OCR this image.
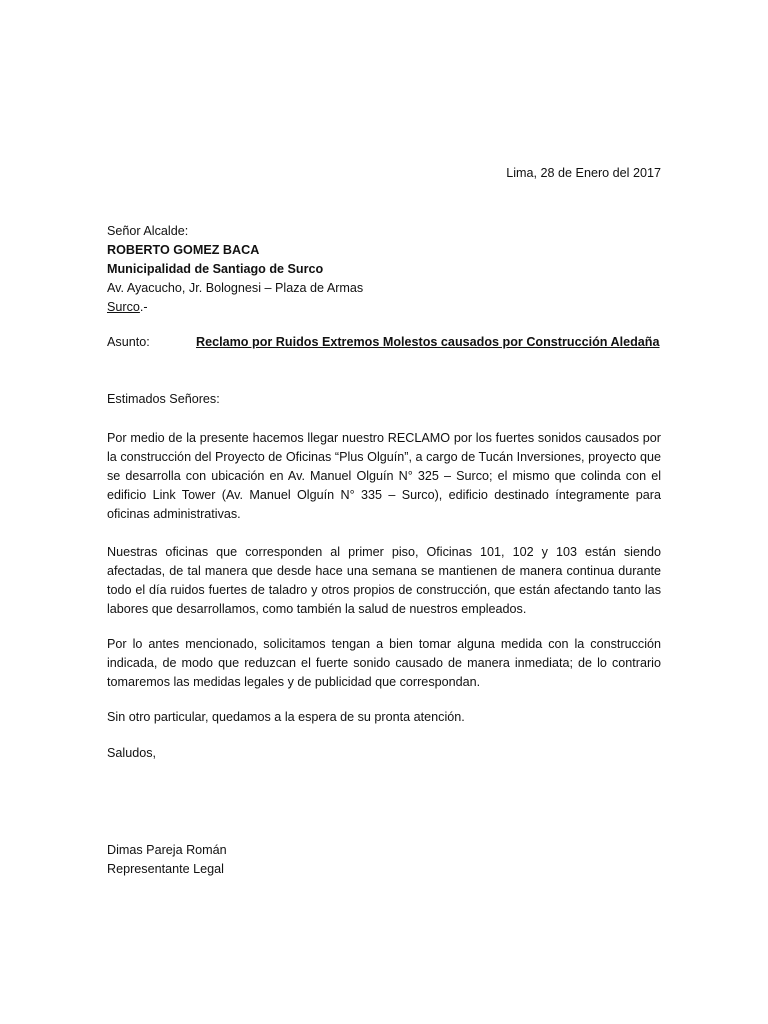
Lima, 28 de Enero del 2017
Señor Alcalde:
ROBERTO GOMEZ BACA
Municipalidad de Santiago de Surco
Av. Ayacucho, Jr. Bolognesi – Plaza de Armas
Surco.-
Asunto:	Reclamo por Ruidos Extremos Molestos causados por Construcción Aledaña
Estimados Señores:
Por medio de la presente hacemos llegar nuestro RECLAMO por los fuertes sonidos causados por la construcción del Proyecto de Oficinas “Plus Olguín”, a cargo de Tucán Inversiones, proyecto que se desarrolla con ubicación en Av. Manuel Olguín N° 325 – Surco; el mismo que colinda con el edificio Link Tower (Av. Manuel Olguín N° 335 – Surco), edificio destinado íntegramente para oficinas administrativas.
Nuestras oficinas que corresponden al primer piso, Oficinas 101, 102 y 103 están siendo afectadas, de tal manera que desde hace una semana se mantienen de manera continua durante todo el día ruidos fuertes de taladro y otros propios de construcción, que están afectando tanto las labores que desarrollamos, como también la salud de nuestros empleados.
Por lo antes mencionado, solicitamos tengan a bien tomar alguna medida con la construcción indicada, de modo que reduzcan el fuerte sonido causado de manera inmediata; de lo contrario tomaremos las medidas legales y de publicidad que correspondan.
Sin otro particular, quedamos a la espera de su pronta atención.
Saludos,
Dimas Pareja Román
Representante Legal
